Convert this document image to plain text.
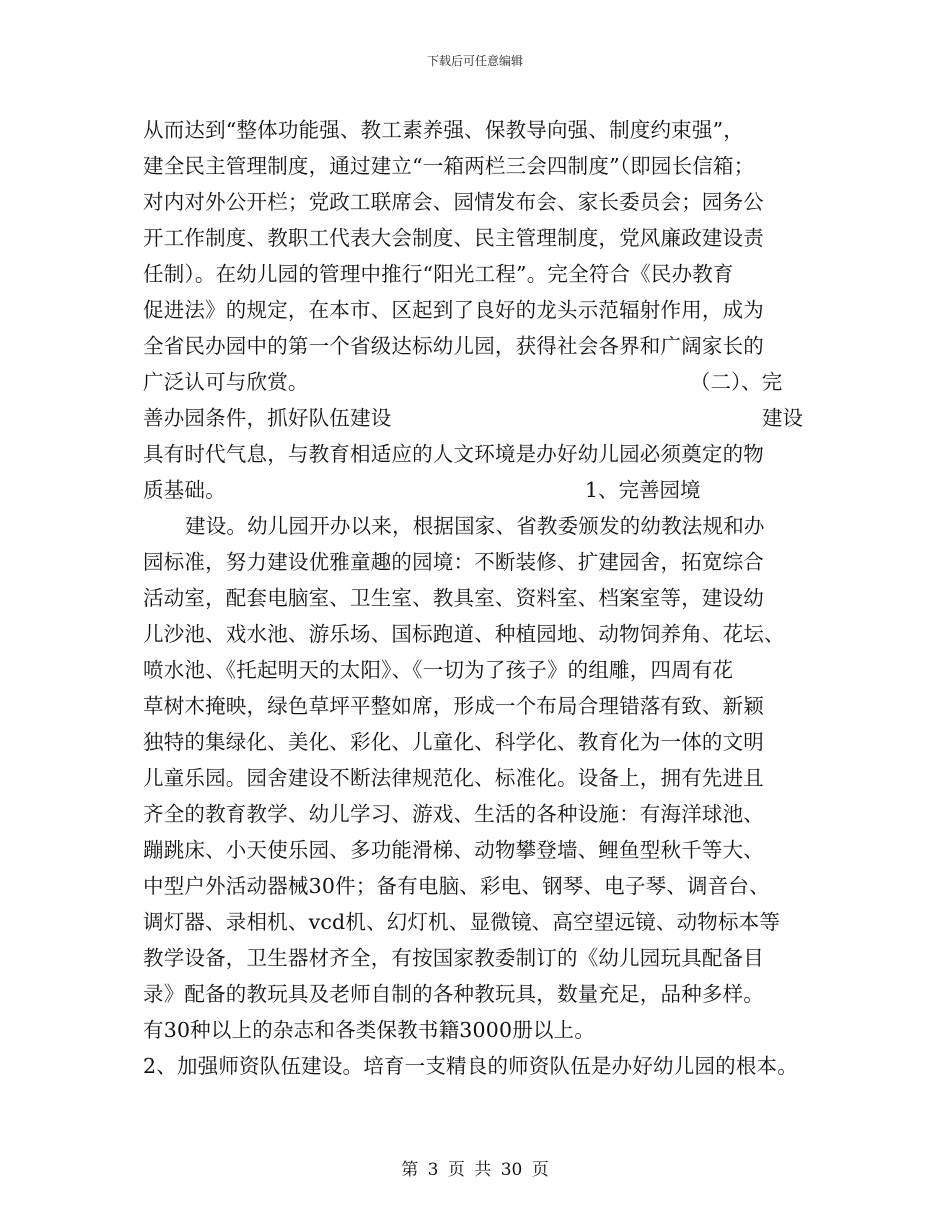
下载后可任意编辑
从而达到“整体功能强、教工素养强、保教导向强、制度约束强”，
建全民主管理制度，通过建立“一箱两栏三会四制度”（即园长信箱；
对内对外公开栏；党政工联席会、园情发布会、家长委员会；园务公
开工作制度、教职工代表大会制度、民主管理制度，党风廉政建设责
任制）。在幼儿园的管理中推行“阳光工程”。完全符合《民办教育
促进法》的规定，在本市、区起到了良好的龙头示范辐射作用，成为
全省民办园中的第一个省级达标幼儿园，获得社会各界和广阔家长的
广泛认可与欣赏。	（二）、完
善办园条件，抓好队伍建设	建设
具有时代气息，与教育相适应的人文环境是办好幼儿园必须奠定的物
质基础。	1、完善园境
建设。幼儿园开办以来，根据国家、省教委颁发的幼教法规和办
园标准，努力建设优雅童趣的园境：不断装修、扩建园舍，拓宽综合
活动室，配套电脑室、卫生室、教具室、资料室、档案室等，建设幼
儿沙池、戏水池、游乐场、国标跑道、种植园地、动物饲养角、花坛、
喷水池、《托起明天的太阳》、《一切为了孩子》的组雕，四周有花
草树木掩映，绿色草坪平整如席，形成一个布局合理错落有致、新颖
独特的集绿化、美化、彩化、儿童化、科学化、教育化为一体的文明
儿童乐园。园舍建设不断法律规范化、标准化。设备上，拥有先进且
齐全的教育教学、幼儿学习、游戏、生活的各种设施：有海洋球池、
蹦跳床、小天使乐园、多功能滑梯、动物攀登墙、鲤鱼型秋千等大、
中型户外活动器械30件；备有电脑、彩电、钢琴、电子琴、调音台、
调灯器、录相机、vcd机、幻灯机、显微镜、高空望远镜、动物标本等
教学设备，卫生器材齐全，有按国家教委制订的《幼儿园玩具配备目
录》配备的教玩具及老师自制的各种教玩具，数量充足，品种多样。
有30种以上的杂志和各类保教书籍3000册以上。
2、加强师资队伍建设。培育一支精良的师资队伍是办好幼儿园的根本。
第 3 页 共 30 页
